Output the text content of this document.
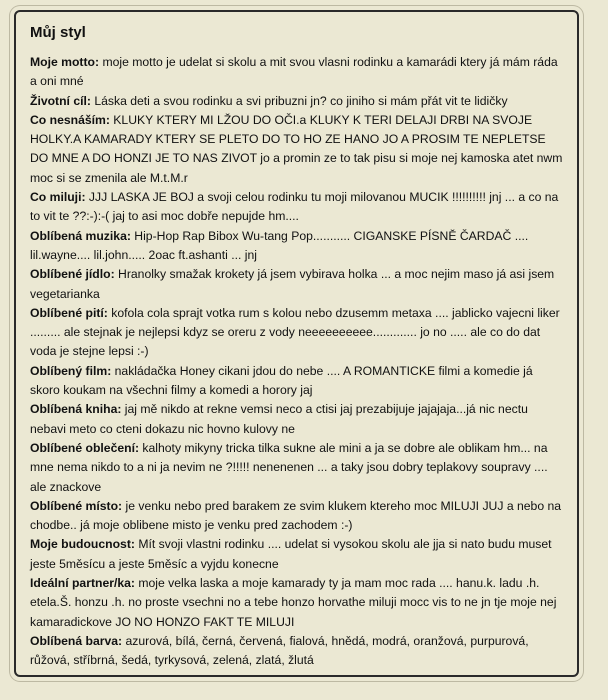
Můj styl

Moje motto: moje motto je udelat si skolu a mit svou vlasni rodinku a kamarádi ktery já mám ráda a oni mné

Životní cíl: Láska deti a svou rodinku a svi pribuzni jn? co jiniho si mám přát vit te lidičky

Co nesnáším: KLUKY KTERY MI LŽOU DO OČI.a KLUKY K TERI DELAJI DRBI NA SVOJE HOLKY.A KAMARADY KTERY SE PLETO DO TO HO ZE HANO JO A PROSIM TE NEPLETSE DO MNE A DO HONZI JE TO NAS ZIVOT jo a promin ze to tak pisu si moje nej kamoska atet nwm moc si se zmenila ale M.t.M.r

Co miluji: JJJ LASKA JE BOJ a svoji celou rodinku tu moji milovanou MUCIK !!!!!!!!!! jnj ... a co na to vit te ??:-):-( jaj to asi moc dobře nepujde hm....

Oblíbená muzika: Hip-Hop Rap Bibox Wu-tang Pop........... CIGANSKE PÍSNĚ ČARDAČ .... lil.wayne.... lil.john..... 2oac ft.ashanti ... jnj

Oblíbené jídlo: Hranolky smažak krokety já jsem vybirava holka ... a moc nejim maso já asi jsem vegetarianka

Oblíbené pití: kofola cola sprajt votka rum s kolou nebo dzusemm metaxa .... jablicko vajecni liker ......... ale stejnak je nejlepsi kdyz se oreru z vody neeeeeeeeee............. jo no ..... ale co do dat voda je stejne lepsi :-)

Oblíbený film: nakládačka Honey cikani jdou do nebe .... A ROMANTICKE filmi a komedie já skoro koukam na všechni filmy a komedi a horory jaj

Oblíbená kniha: jaj mě nikdo at rekne vemsi neco a ctisi jaj prezabijuje jajajaja...já nic nectu nebavi meto co cteni dokazu nic hovno kulovy ne

Oblíbené oblečení: kalhoty mikyny tricka tilka sukne ale mini a ja se dobre ale oblikam hm... na mne nema nikdo to a ni ja nevim ne ?!!!!! nenenenen ... a taky jsou dobry teplakovy soupravy .... ale znackove

Oblíbené místo: je venku nebo pred barakem ze svim klukem ktereho moc MILUJI JUJ a nebo na chodbe.. já moje oblibene misto je venku pred zachodem :-)

Moje budoucnost: Mít svoji vlastni rodinku .... udelat si vysokou skolu ale jja si nato budu muset jeste 5měsícu a jeste 5měsíc a vyjdu konecne

Ideální partner/ka: moje velka laska a moje kamarady ty ja mam moc rada .... hanu.k. ladu .h. etela.Š. honzu .h. no proste vsechni no a tebe honzo horvathe miluji mocc vis to ne jn tje moje nej kamaradickove JO NO HONZO FAKT TE MILUJI

Oblíbená barva: azurová, bílá, černá, červená, fialová, hnědá, modrá, oranžová, purpurová, růžová, stříbrná, šedá, tyrkysová, zelená, zlatá, žlutá
